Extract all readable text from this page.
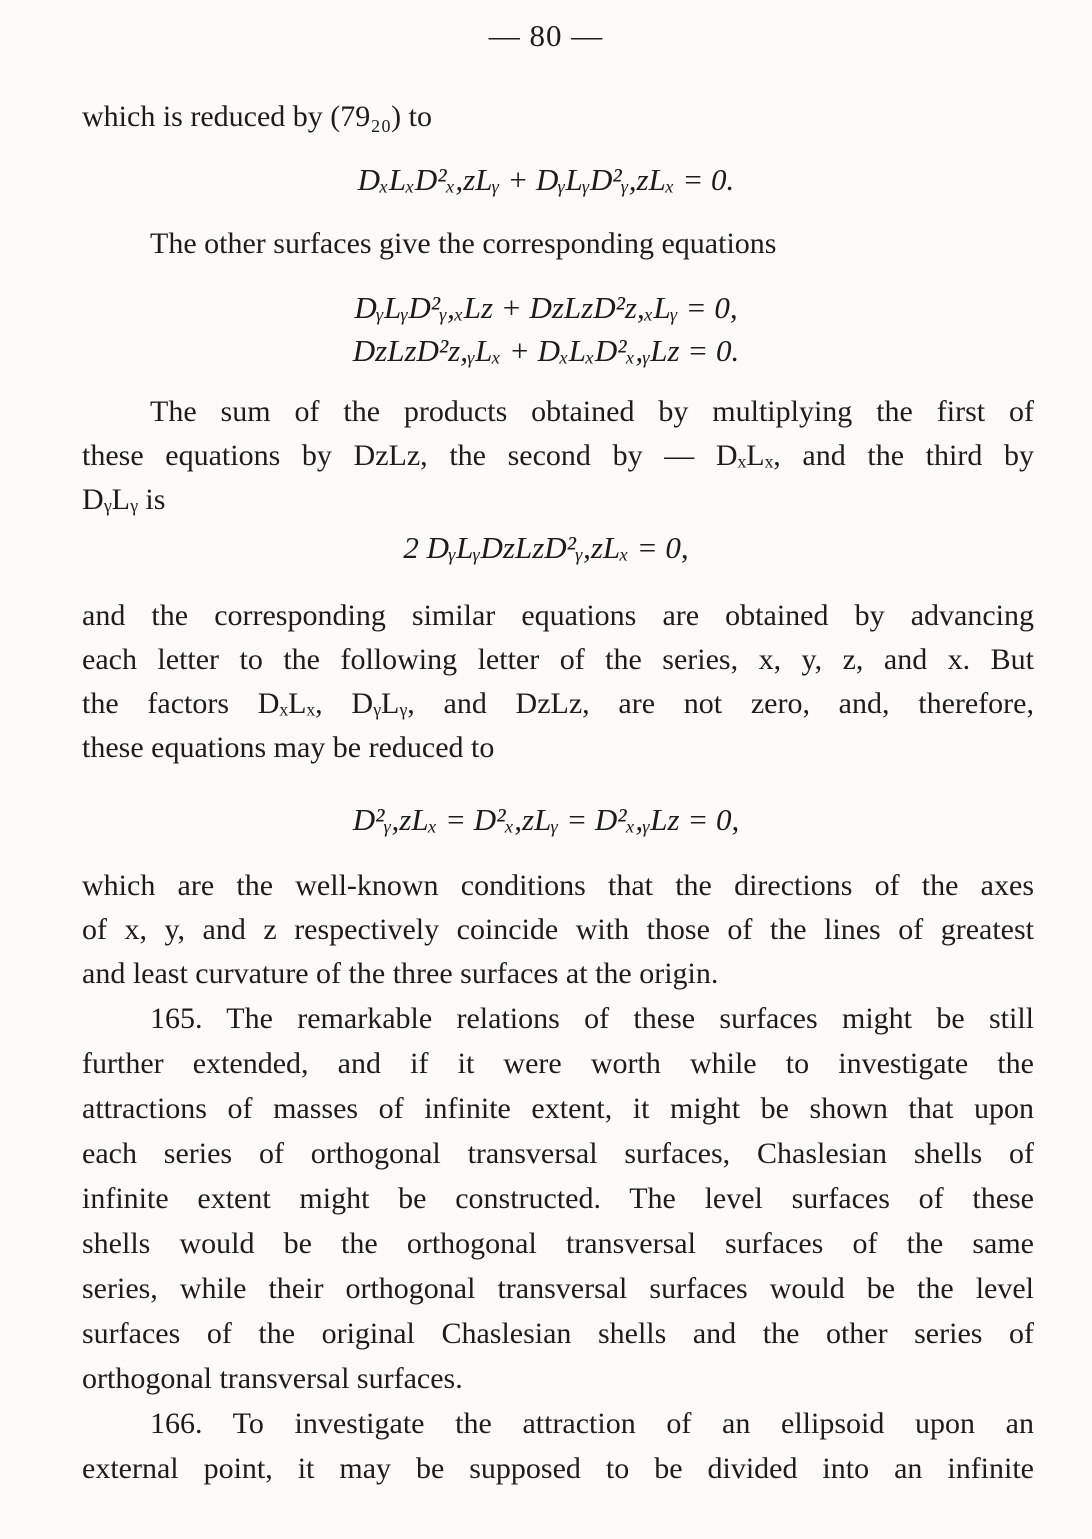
— 80 —
which is reduced by (79₂₀) to
DₓLₓD²ₓ,zLᵧ + DᵧLᵧD²ᵧ,zLₓ = 0.
The other surfaces give the corresponding equations
DᵧLᵧD²ᵧ,ₓLz + DzLzD²z,ₓLᵧ = 0,
DzLzD²z,ᵧLₓ + DₓLₓD²ₓ,ᵧLz = 0.
The sum of the products obtained by multiplying the first of
these equations by DzLz, the second by — DₓLₓ, and the third by
DᵧLᵧ is
2 DᵧLᵧDzLzD²ᵧ,zLₓ = 0,
and the corresponding similar equations are obtained by advancing
each letter to the following letter of the series, x, y, z, and x. But
the factors DₓLₓ, DᵧLᵧ, and DzLz, are not zero, and, therefore,
these equations may be reduced to
D²ᵧ,zLₓ = D²ₓ,zLᵧ = D²ₓ,ᵧLz = 0,
which are the well-known conditions that the directions of the axes
of x, y, and z respectively coincide with those of the lines of greatest
and least curvature of the three surfaces at the origin.
165. The remarkable relations of these surfaces might be still
further extended, and if it were worth while to investigate the
attractions of masses of infinite extent, it might be shown that upon
each series of orthogonal transversal surfaces, Chaslesian shells of
infinite extent might be constructed. The level surfaces of these
shells would be the orthogonal transversal surfaces of the same
series, while their orthogonal transversal surfaces would be the level
surfaces of the original Chaslesian shells and the other series of
orthogonal transversal surfaces.
166. To investigate the attraction of an ellipsoid upon an
external point, it may be supposed to be divided into an infinite
